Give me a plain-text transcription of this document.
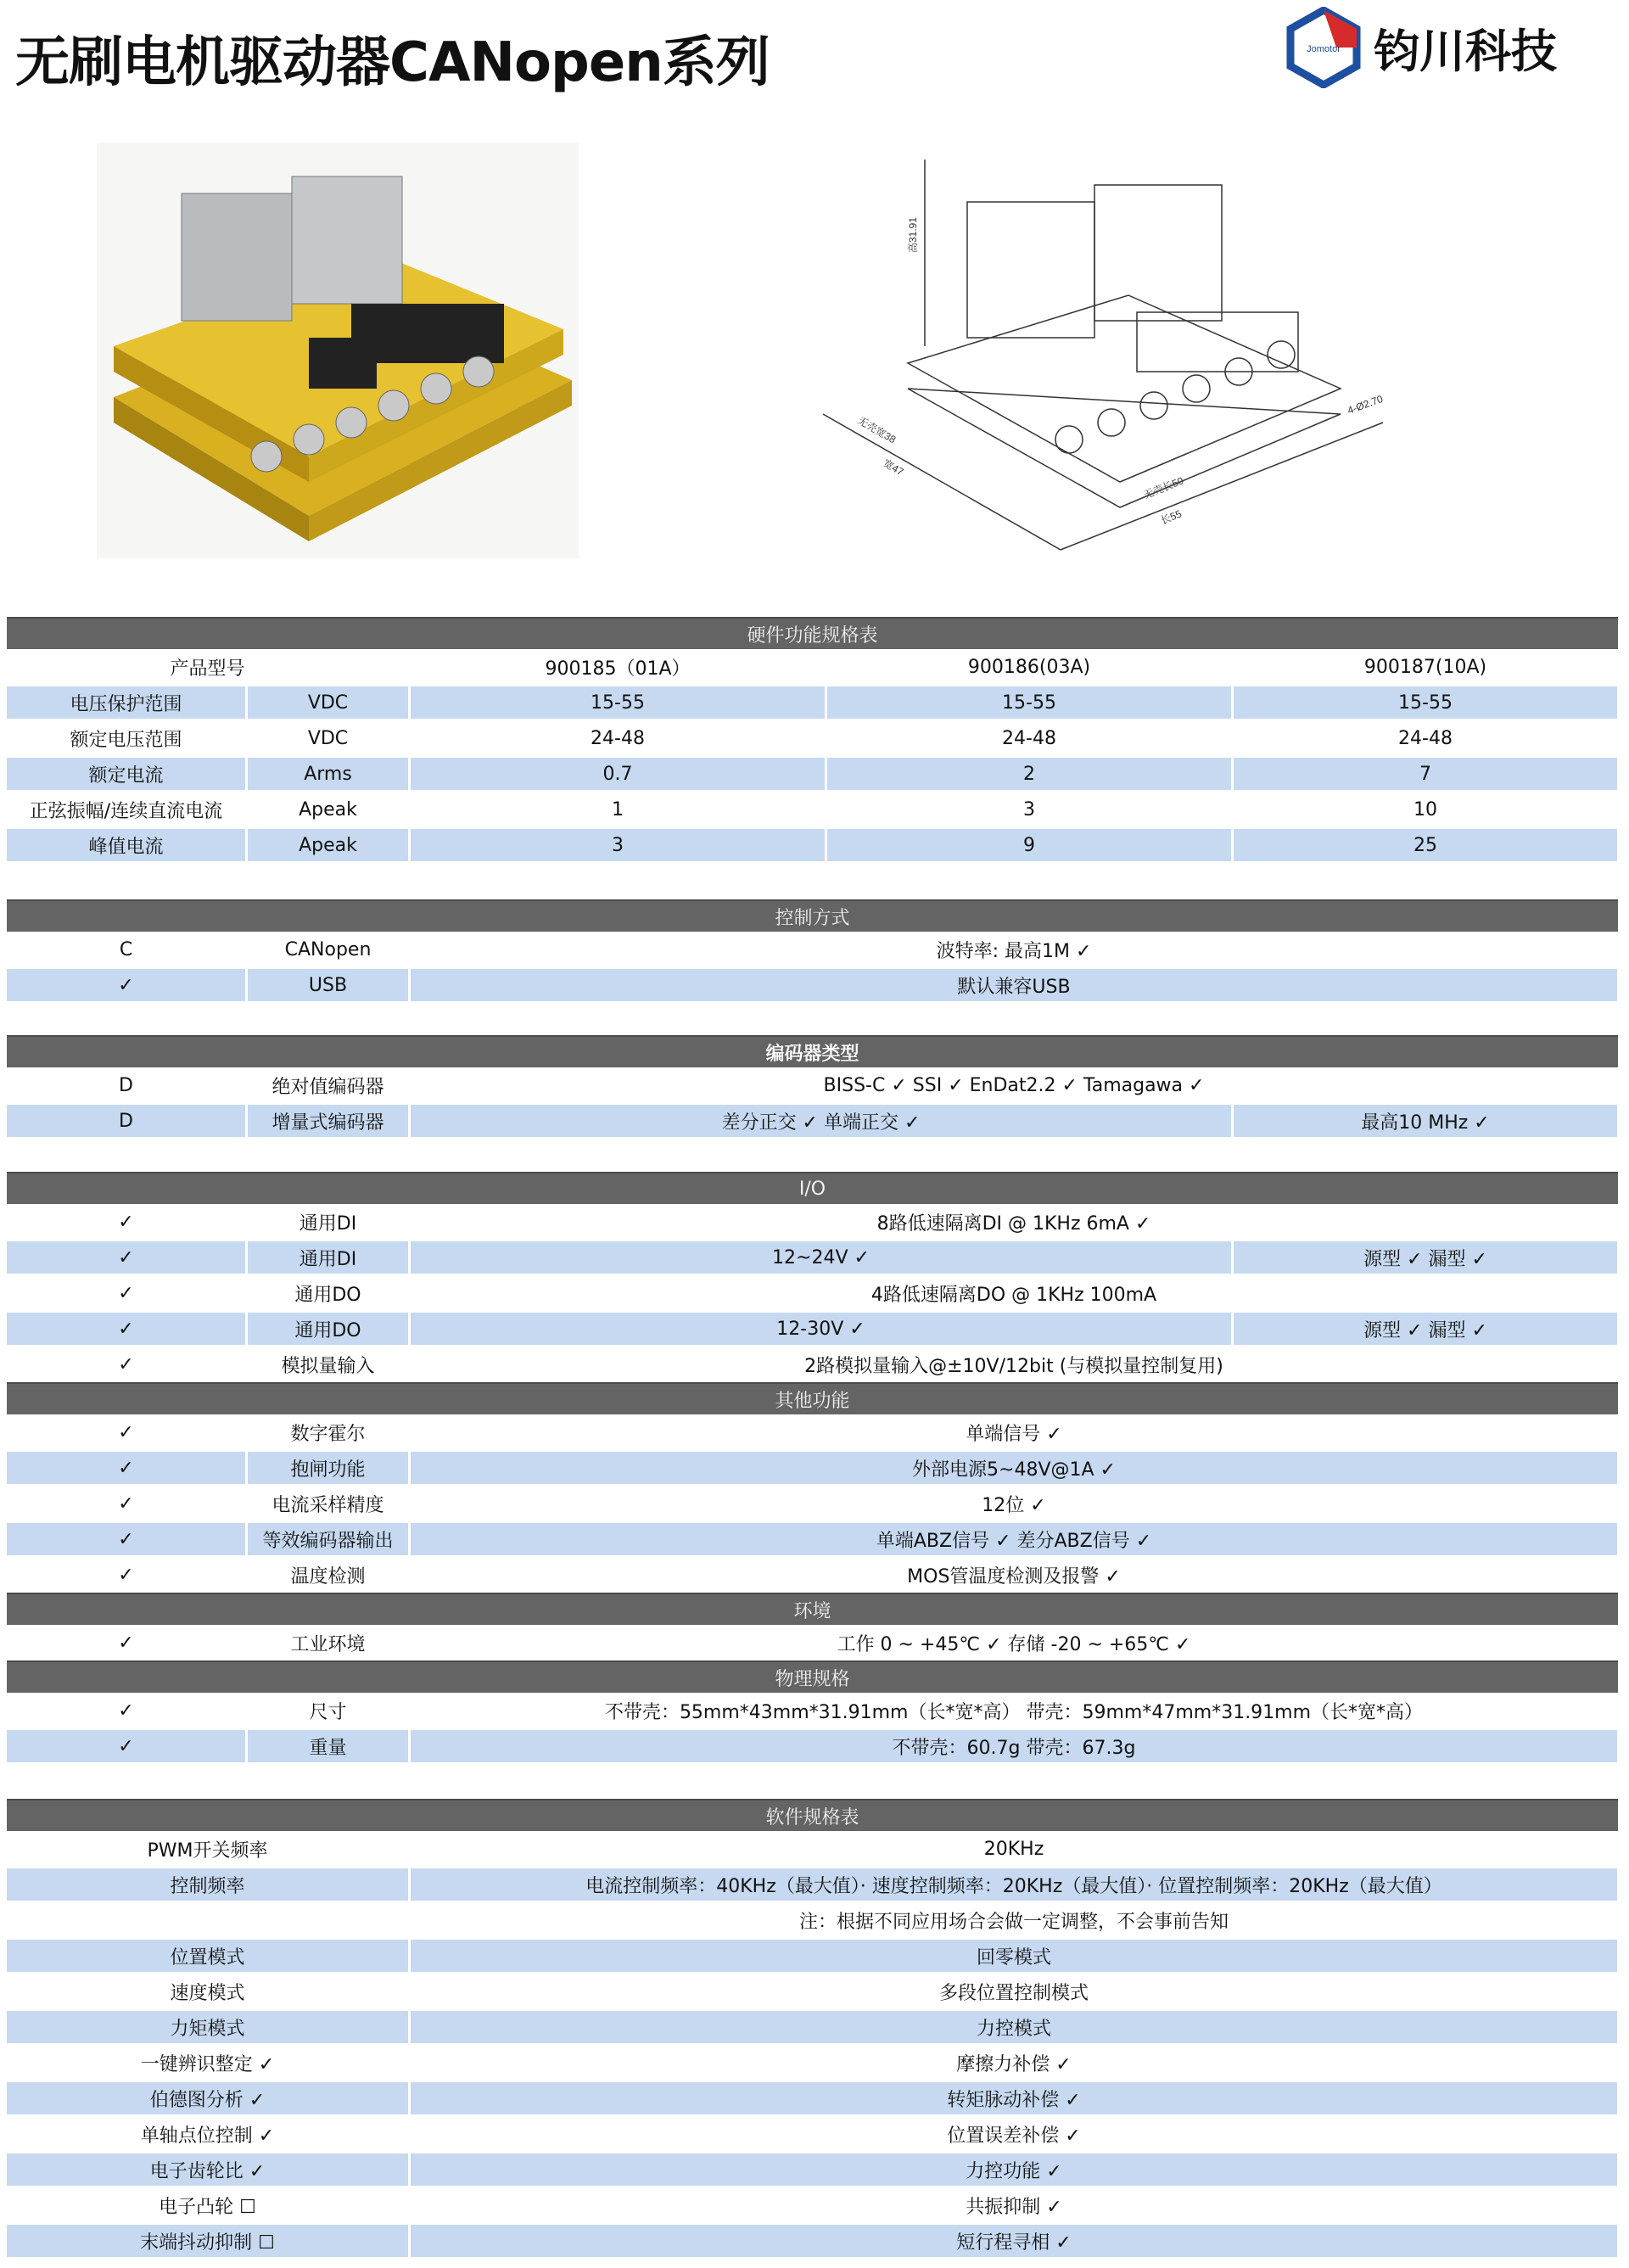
无刷电机驱动器CANopen系列	Jomotor 钧川科技
高31.91
宽47
无壳长50
长55
无壳宽38
4-Ø2.70
硬件功能规格表
产品型号	900185（01A）	900186(03A)	900187(10A)
电压保护范围	VDC	15-55	15-55	15-55
额定电压范围	VDC	24-48	24-48	24-48
额定电流	Arms	0.7	2	7
正弦振幅/连续直流电流	Apeak	1	3	10
峰值电流	Apeak	3	9	25
控制方式
C	CANopen	波特率: 最高1M ✓
✓	USB	默认兼容USB
编码器类型
D	绝对值编码器	BISS-C ✓ SSI ✓ EnDat2.2 ✓ Tamagawa ✓
D	增量式编码器	差分正交 ✓ 单端正交 ✓	最高10 MHz ✓
I/O
✓	通用DI	8路低速隔离DI @ 1KHz 6mA ✓
✓	通用DI	12~24V ✓	源型 ✓ 漏型 ✓
✓	通用DO	4路低速隔离DO @ 1KHz 100mA
✓	通用DO	12-30V ✓	源型 ✓ 漏型 ✓
✓	模拟量输入	2路模拟量输入@±10V/12bit (与模拟量控制复用)
其他功能
✓	数字霍尔	单端信号 ✓
✓	抱闸功能	外部电源5~48V@1A ✓
✓	电流采样精度	12位 ✓
✓	等效编码器输出	单端ABZ信号 ✓ 差分ABZ信号 ✓
✓	温度检测	MOS管温度检测及报警 ✓
环境
✓	工业环境	工作 0 ~ +45℃ ✓ 存储 -20 ~ +65℃ ✓
物理规格
✓	尺寸	不带壳：55mm*43mm*31.91mm（长*宽*高） 带壳：59mm*47mm*31.91mm（长*宽*高）
✓	重量	不带壳：60.7g 带壳：67.3g
软件规格表
PWM开关频率	20KHz
控制频率	电流控制频率：40KHz（最大值）· 速度控制频率：20KHz（最大值）· 位置控制频率：20KHz（最大值）
注：根据不同应用场合会做一定调整，不会事前告知
位置模式	回零模式
速度模式	多段位置控制模式
力矩模式	力控模式
一键辨识整定 ✓	摩擦力补偿 ✓
伯德图分析 ✓	转矩脉动补偿 ✓
单轴点位控制 ✓	位置误差补偿 ✓
电子齿轮比 ✓	力控功能 ✓
电子凸轮 ☐	共振抑制 ✓
末端抖动抑制 ☐	短行程寻相 ✓
